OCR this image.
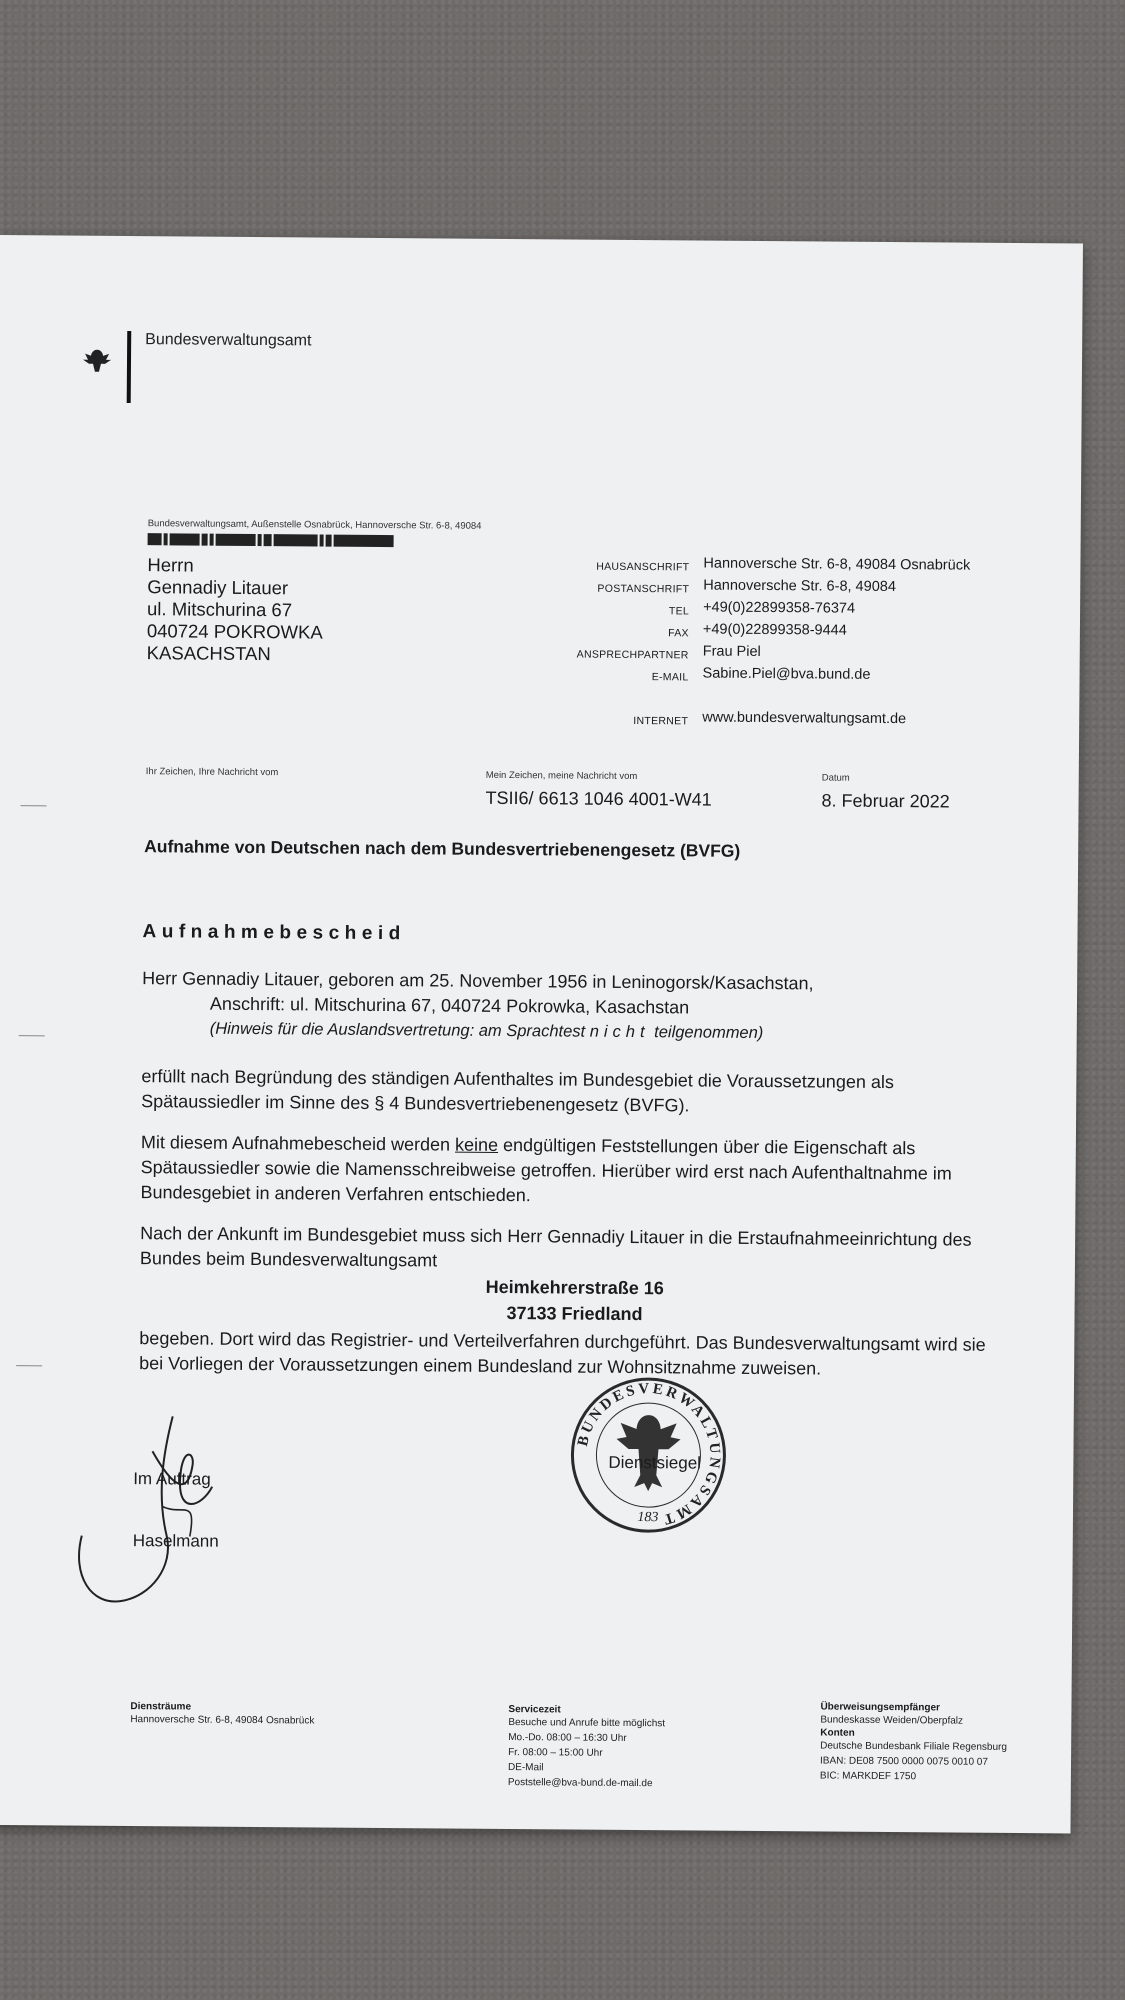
Bundesverwaltungsamt
Bundesverwaltungsamt, Außenstelle Osnabrück, Hannoversche Str. 6-8, 49084
Herrn
Gennadiy Litauer
ul. Mitschurina 67
040724 POKROWKA
KASACHSTAN
HAUSANSCHRIFT
POSTANSCHRIFT
TEL
FAX
ANSPRECHPARTNER
E-MAIL

INTERNET
Hannoversche Str. 6-8, 49084 Osnabrück
Hannoversche Str. 6-8, 49084
+49(0)22899358-76374
+49(0)22899358-9444
Frau Piel
Sabine.Piel@bva.bund.de

www.bundesverwaltungsamt.de
Ihr Zeichen, Ihre Nachricht vom	Mein Zeichen, meine Nachricht vom
TSII6/ 6613 1046 4001-W41
Datum
8. Februar 2022
Aufnahme von Deutschen nach dem Bundesvertriebenengesetz (BVFG)
Aufnahmebescheid

Herr Gennadiy Litauer, geboren am 25. November 1956 in Leninogorsk/Kasachstan,

Anschrift: ul. Mitschurina 67, 040724 Pokrowka, Kasachstan

(Hinweis für die Auslandsvertretung: am Sprachtest nicht teilgenommen)

erfüllt nach Begründung des ständigen Aufenthaltes im Bundesgebiet die Voraussetzungen als Spätaussiedler im Sinne des § 4 Bundesvertriebenengesetz (BVFG).

Mit diesem Aufnahmebescheid werden keine endgültigen Feststellungen über die Eigenschaft als Spätaussiedler sowie die Namensschreibweise getroffen. Hierüber wird erst nach Aufenthaltnahme im Bundesgebiet in anderen Verfahren entschieden.

Nach der Ankunft im Bundesgebiet muss sich Herr Gennadiy Litauer in die Erstaufnahmeeinrichtung des Bundes beim Bundesverwaltungsamt

Heimkehrerstraße 16
37133 Friedland

begeben. Dort wird das Registrier- und Verteilverfahren durchgeführt. Das Bundesverwaltungsamt wird sie bei Vorliegen der Voraussetzungen einem Bundesland zur Wohnsitznahme zuweisen.

Im Auftrag
Haselmann
BUNDESVERWALTUNGSAMT
183
Dienstsiegel
Diensträume
Hannoversche Str. 6-8, 49084 Osnabrück
Servicezeit
Besuche und Anrufe bitte möglichst
Mo.-Do. 08:00 – 16:30 Uhr
Fr. 08:00 – 15:00 Uhr
DE-Mail
Poststelle@bva-bund.de-mail.de
Überweisungsempfänger
Bundeskasse Weiden/Oberpfalz
Konten
Deutsche Bundesbank Filiale Regensburg
IBAN: DE08 7500 0000 0075 0010 07
BIC: MARKDEF 1750
